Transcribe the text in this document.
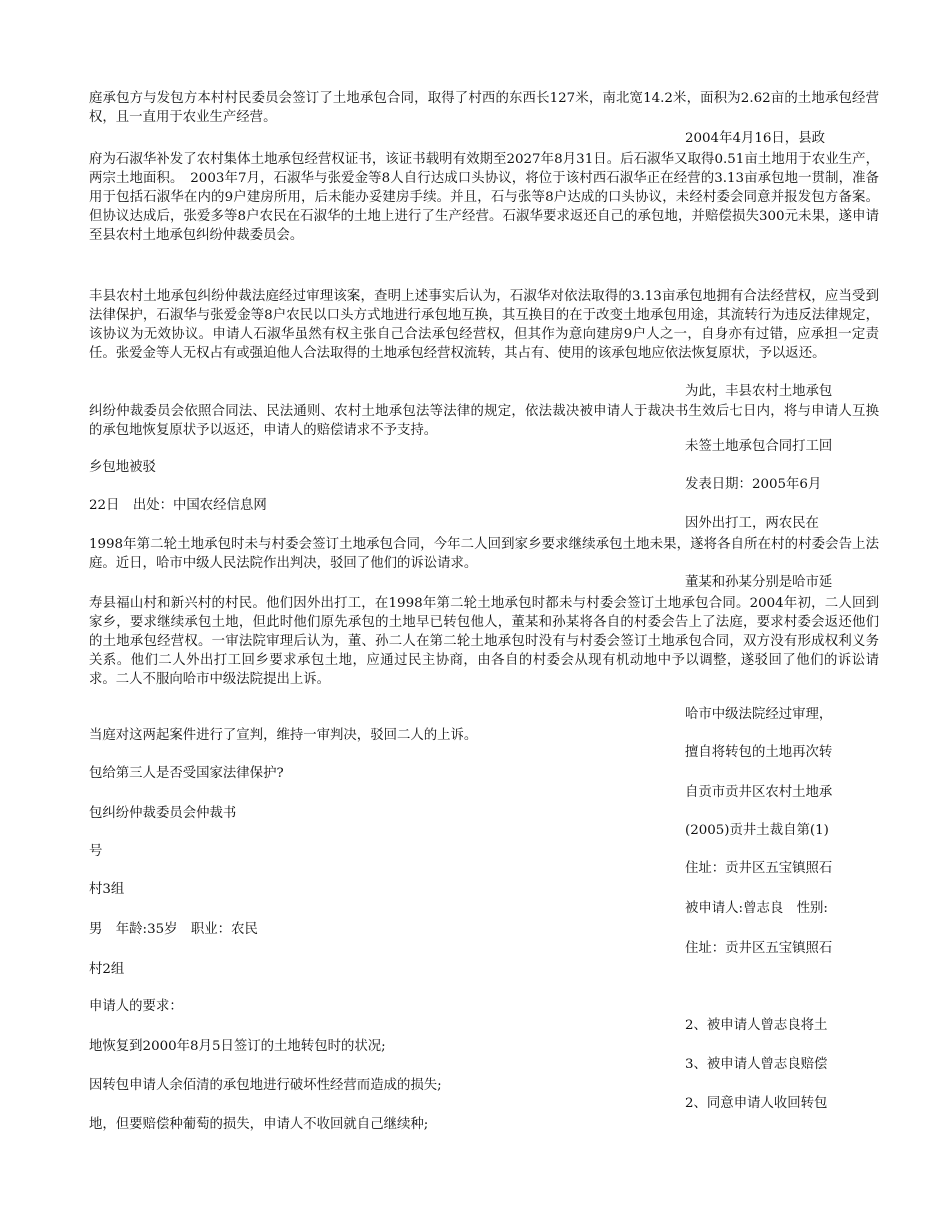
庭承包方与发包方本村村民委员会签订了土地承包合同，取得了村西的东西长127米，南北宽14.2米，面积为2.62亩的土地承包经营权，且一直用于农业生产经营。

2004年4月16日，县政

府为石淑华补发了农村集体土地承包经营权证书，该证书载明有效期至2027年8月31日。后石淑华又取得0.51亩土地用于农业生产，两宗土地面积。　2003年7月，石淑华与张爱金等8人自行达成口头协议，将位于该村西石淑华正在经营的3.13亩承包地一贯制，准备用于包括石淑华在内的9户建房所用，后未能办妥建房手续。并且，石与张等8户达成的口头协议，未经村委会同意并报发包方备案。但协议达成后，张爱多等8户农民在石淑华的土地上进行了生产经营。石淑华要求返还自己的承包地，并赔偿损失300元未果，遂申请至县农村土地承包纠纷仲裁委员会。

丰县农村土地承包纠纷仲裁法庭经过审理该案，查明上述事实后认为，石淑华对依法取得的3.13亩承包地拥有合法经营权，应当受到法律保护，石淑华与张爱金等8户农民以口头方式地进行承包地互换，其互换目的在于改变土地承包用途，其流转行为违反法律规定，该协议为无效协议。申请人石淑华虽然有权主张自己合法承包经营权，但其作为意向建房9户人之一，自身亦有过错，应承担一定责任。张爱金等人无权占有或强迫他人合法取得的土地承包经营权流转，其占有、使用的该承包地应依法恢复原状，予以返还。

为此，丰县农村土地承包

纠纷仲裁委员会依照合同法、民法通则、农村土地承包法等法律的规定，依法裁决被申请人于裁决书生效后七日内，将与申请人互换的承包地恢复原状予以返还，申请人的赔偿请求不予支持。

未签土地承包合同打工回

乡包地被驳

发表日期：2005年6月

22日　出处：中国农经信息网

因外出打工，两农民在

1998年第二轮土地承包时未与村委会签订土地承包合同，今年二人回到家乡要求继续承包土地未果，遂将各自所在村的村委会告上法庭。近日，哈市中级人民法院作出判决，驳回了他们的诉讼请求。

董某和孙某分别是哈市延

寿县福山村和新兴村的村民。他们因外出打工，在1998年第二轮土地承包时都未与村委会签订土地承包合同。2004年初，二人回到家乡，要求继续承包土地，但此时他们原先承包的土地早已转包他人，董某和孙某将各自的村委会告上了法庭，要求村委会返还他们的土地承包经营权。一审法院审理后认为，董、孙二人在第二轮土地承包时没有与村委会签订土地承包合同，双方没有形成权利义务关系。他们二人外出打工回乡要求承包土地，应通过民主协商，由各自的村委会从现有机动地中予以调整，遂驳回了他们的诉讼请求。二人不服向哈市中级法院提出上诉。

哈市中级法院经过审理，

当庭对这两起案件进行了宣判，维持一审判决，驳回二人的上诉。

擅自将转包的土地再次转

包给第三人是否受国家法律保护?

自贡市贡井区农村土地承

包纠纷仲裁委员会仲裁书

(2005)贡井土裁自第(1)

号

住址：贡井区五宝镇照石

村3组

被申请人:曾志良　性别:

男　年龄:35岁　职业：农民

住址：贡井区五宝镇照石

村2组

申请人的要求：

2、被申请人曾志良将土

地恢复到2000年8月5日签订的土地转包时的状况;

3、被申请人曾志良赔偿

因转包申请人余佰清的承包地进行破坏性经营而造成的损失;

2、同意申请人收回转包

地，但要赔偿种葡萄的损失，申请人不收回就自己继续种;
